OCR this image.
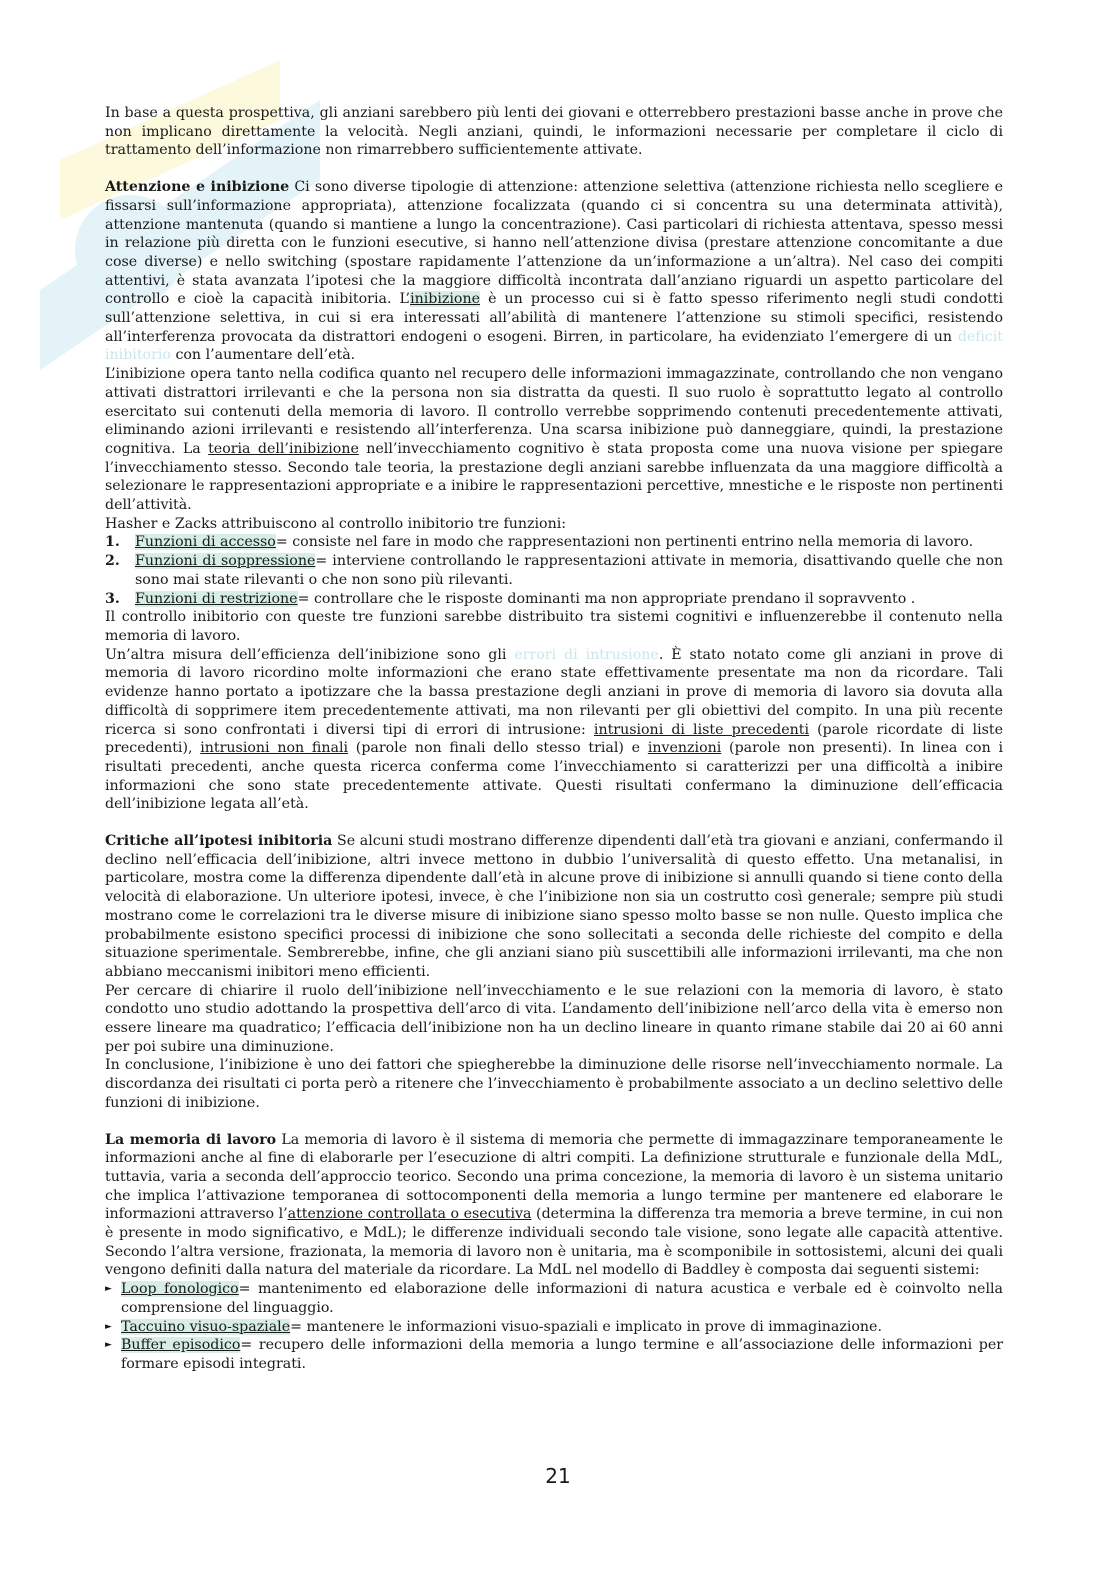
In base a questa prospettiva, gli anziani sarebbero più lenti dei giovani e otterrebbero prestazioni basse anche in prove che non implicano direttamente la velocità. Negli anziani, quindi, le informazioni necessarie per completare il ciclo di trattamento dell’informazione non rimarrebbero sufficientemente attivate.

Attenzione e inibizione Ci sono diverse tipologie di attenzione: attenzione selettiva (attenzione richiesta nello scegliere e fissarsi sull’informazione appropriata), attenzione focalizzata (quando ci si concentra su una determinata attività), attenzione mantenuta (quando si mantiene a lungo la concentrazione). Casi particolari di richiesta attentava, spesso messi in relazione più diretta con le funzioni esecutive, si hanno nell’attenzione divisa (prestare attenzione concomitante a due cose diverse) e nello switching (spostare rapidamente l’attenzione da un’informazione a un’altra). Nel caso dei compiti attentivi, è stata avanzata l’ipotesi che la maggiore difficoltà incontrata dall’anziano riguardi un aspetto particolare del controllo e cioè la capacità inibitoria. L’inibizione è un processo cui si è fatto spesso riferimento negli studi condotti sull’attenzione selettiva, in cui si era interessati all’abilità di mantenere l’attenzione su stimoli specifici, resistendo all’interferenza provocata da distrattori endogeni o esogeni. Birren, in particolare, ha evidenziato l’emergere di un deficit inibitorio con l’aumentare dell’età.

L’inibizione opera tanto nella codifica quanto nel recupero delle informazioni immagazzinate, controllando che non vengano attivati distrattori irrilevanti e che la persona non sia distratta da questi. Il suo ruolo è soprattutto legato al controllo esercitato sui contenuti della memoria di lavoro. Il controllo verrebbe sopprimendo contenuti precedentemente attivati, eliminando azioni irrilevanti e resistendo all’interferenza. Una scarsa inibizione può danneggiare, quindi, la prestazione cognitiva. La teoria dell’inibizione nell’invecchiamento cognitivo è stata proposta come una nuova visione per spiegare l’invecchiamento stesso. Secondo tale teoria, la prestazione degli anziani sarebbe influenzata da una maggiore difficoltà a selezionare le rappresentazioni appropriate e a inibire le rappresentazioni percettive, mnestiche e le risposte non pertinenti dell’attività.

Hasher e Zacks attribuiscono al controllo inibitorio tre funzioni:

1.	Funzioni di accesso= consiste nel fare in modo che rappresentazioni non pertinenti entrino nella memoria di lavoro.
2.	Funzioni di soppressione= interviene controllando le rappresentazioni attivate in memoria, disattivando quelle che non sono mai state rilevanti o che non sono più rilevanti.
3.	Funzioni di restrizione= controllare che le risposte dominanti ma non appropriate prendano il sopravvento .

Il controllo inibitorio con queste tre funzioni sarebbe distribuito tra sistemi cognitivi e influenzerebbe il contenuto nella memoria di lavoro.

Un’altra misura dell’efficienza dell’inibizione sono gli errori di intrusione. È stato notato come gli anziani in prove di memoria di lavoro ricordino molte informazioni che erano state effettivamente presentate ma non da ricordare. Tali evidenze hanno portato a ipotizzare che la bassa prestazione degli anziani in prove di memoria di lavoro sia dovuta alla difficoltà di sopprimere item precedentemente attivati, ma non rilevanti per gli obiettivi del compito. In una più recente ricerca si sono confrontati i diversi tipi di errori di intrusione: intrusioni di liste precedenti (parole ricordate di liste precedenti), intrusioni non finali (parole non finali dello stesso trial) e invenzioni (parole non presenti). In linea con i risultati precedenti, anche questa ricerca conferma come l’invecchiamento si caratterizzi per una difficoltà a inibire informazioni che sono state precedentemente attivate. Questi risultati confermano la diminuzione dell’efficacia dell’inibizione legata all’età.

Critiche all’ipotesi inibitoria Se alcuni studi mostrano differenze dipendenti dall’età tra giovani e anziani, confermando il declino nell’efficacia dell’inibizione, altri invece mettono in dubbio l’universalità di questo effetto. Una metanalisi, in particolare, mostra come la differenza dipendente dall’età in alcune prove di inibizione si annulli quando si tiene conto della velocità di elaborazione. Un ulteriore ipotesi, invece, è che l’inibizione non sia un costrutto così generale; sempre più studi mostrano come le correlazioni tra le diverse misure di inibizione siano spesso molto basse se non nulle. Questo implica che probabilmente esistono specifici processi di inibizione che sono sollecitati a seconda delle richieste del compito e della situazione sperimentale. Sembrerebbe, infine, che gli anziani siano più suscettibili alle informazioni irrilevanti, ma che non abbiano meccanismi inibitori meno efficienti.

Per cercare di chiarire il ruolo dell’inibizione nell’invecchiamento e le sue relazioni con la memoria di lavoro, è stato condotto uno studio adottando la prospettiva dell’arco di vita. L’andamento dell’inibizione nell’arco della vita è emerso non essere lineare ma quadratico; l’efficacia dell’inibizione non ha un declino lineare in quanto rimane stabile dai 20 ai 60 anni per poi subire una diminuzione.

In conclusione, l’inibizione è uno dei fattori che spiegherebbe la diminuzione delle risorse nell’invecchiamento normale. La discordanza dei risultati ci porta però a ritenere che l’invecchiamento è probabilmente associato a un declino selettivo delle funzioni di inibizione.

La memoria di lavoro La memoria di lavoro è il sistema di memoria che permette di immagazzinare temporaneamente le informazioni anche al fine di elaborarle per l’esecuzione di altri compiti. La definizione strutturale e funzionale della MdL, tuttavia, varia a seconda dell’approccio teorico. Secondo una prima concezione, la memoria di lavoro è un sistema unitario che implica l’attivazione temporanea di sottocomponenti della memoria a lungo termine per mantenere ed elaborare le informazioni attraverso l’attenzione controllata o esecutiva (determina la differenza tra memoria a breve termine, in cui non è presente in modo significativo, e MdL); le differenze individuali secondo tale visione, sono legate alle capacità attentive. Secondo l’altra versione, frazionata, la memoria di lavoro non è unitaria, ma è scomponibile in sottosistemi, alcuni dei quali vengono definiti dalla natura del materiale da ricordare. La MdL nel modello di Baddley è composta dai seguenti sistemi:

► Loop fonologico= mantenimento ed elaborazione delle informazioni di natura acustica e verbale ed è coinvolto nella comprensione del linguaggio.
► Taccuino visuo-spaziale= mantenere le informazioni visuo-spaziali e implicato in prove di immaginazione.
► Buffer episodico= recupero delle informazioni della memoria a lungo termine e all’associazione delle informazioni per formare episodi integrati.
21
